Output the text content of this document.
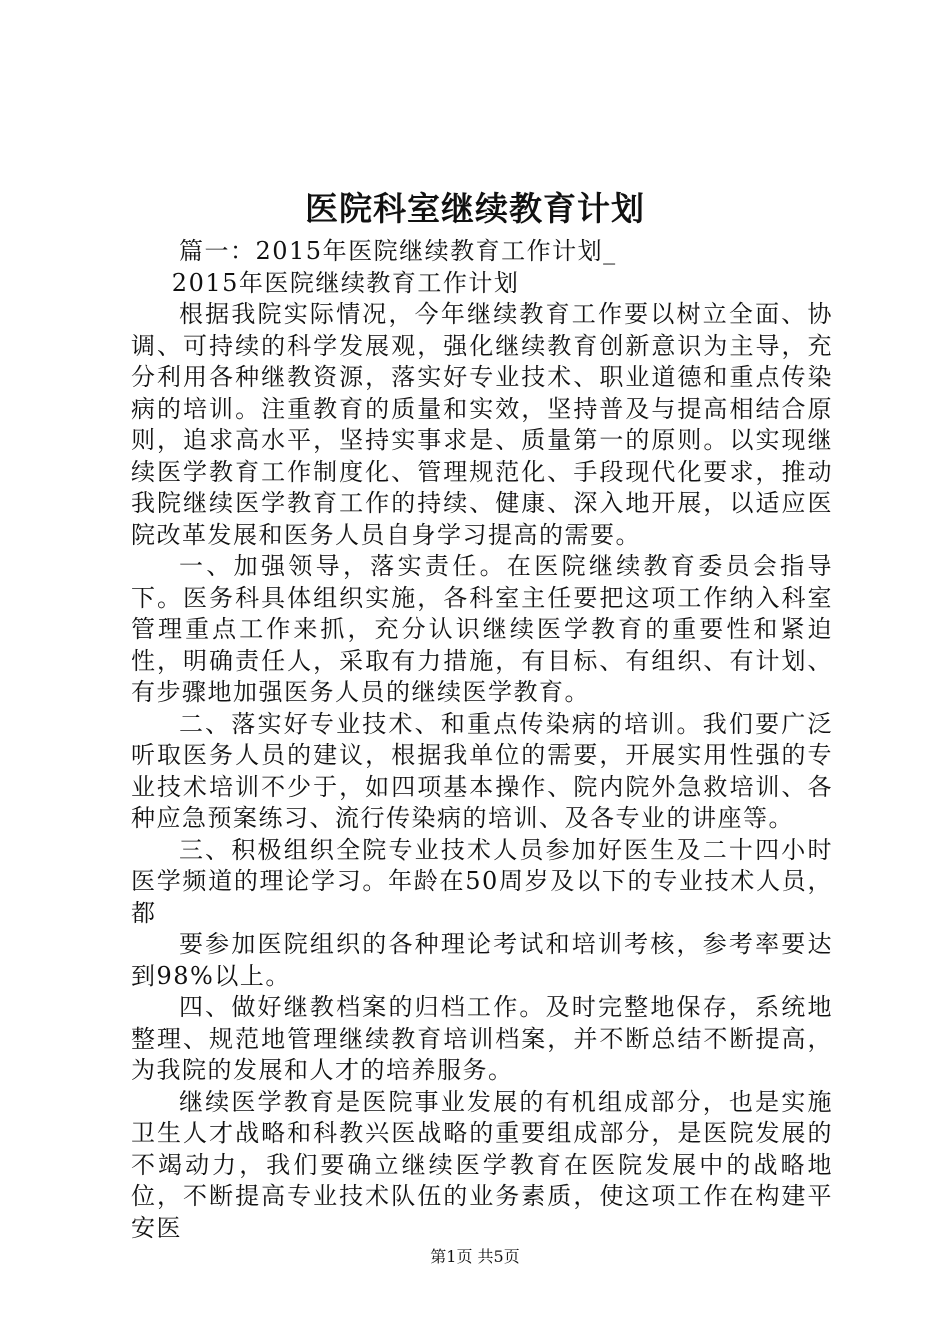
医院科室继续教育计划

篇一：2015年医院继续教育工作计划_

2015年医院继续教育工作计划

根据我院实际情况，今年继续教育工作要以树立全面、协调、可持续的科学发展观，强化继续教育创新意识为主导，充分利用各种继教资源，落实好专业技术、职业道德和重点传染病的培训。注重教育的质量和实效，坚持普及与提高相结合原则，追求高水平，坚持实事求是、质量第一的原则。以实现继续医学教育工作制度化、管理规范化、手段现代化要求，推动我院继续医学教育工作的持续、健康、深入地开展，以适应医院改革发展和医务人员自身学习提高的需要。

一、加强领导，落实责任。在医院继续教育委员会指导下。医务科具体组织实施，各科室主任要把这项工作纳入科室管理重点工作来抓，充分认识继续医学教育的重要性和紧迫性，明确责任人，采取有力措施，有目标、有组织、有计划、有步骤地加强医务人员的继续医学教育。

二、落实好专业技术、和重点传染病的培训。我们要广泛听取医务人员的建议，根据我单位的需要，开展实用性强的专业技术培训不少于，如四项基本操作、院内院外急救培训、各种应急预案练习、流行传染病的培训、及各专业的讲座等。

三、积极组织全院专业技术人员参加好医生及二十四小时医学频道的理论学习。年龄在50周岁及以下的专业技术人员，都

要参加医院组织的各种理论考试和培训考核，参考率要达到98%以上。

四、做好继教档案的归档工作。及时完整地保存，系统地整理、规范地管理继续教育培训档案，并不断总结不断提高，为我院的发展和人才的培养服务。

继续医学教育是医院事业发展的有机组成部分，也是实施卫生人才战略和科教兴医战略的重要组成部分，是医院发展的不竭动力，我们要确立继续医学教育在医院发展中的战略地位，不断提高专业技术队伍的业务素质，使这项工作在构建平安医

第1页 共5页
